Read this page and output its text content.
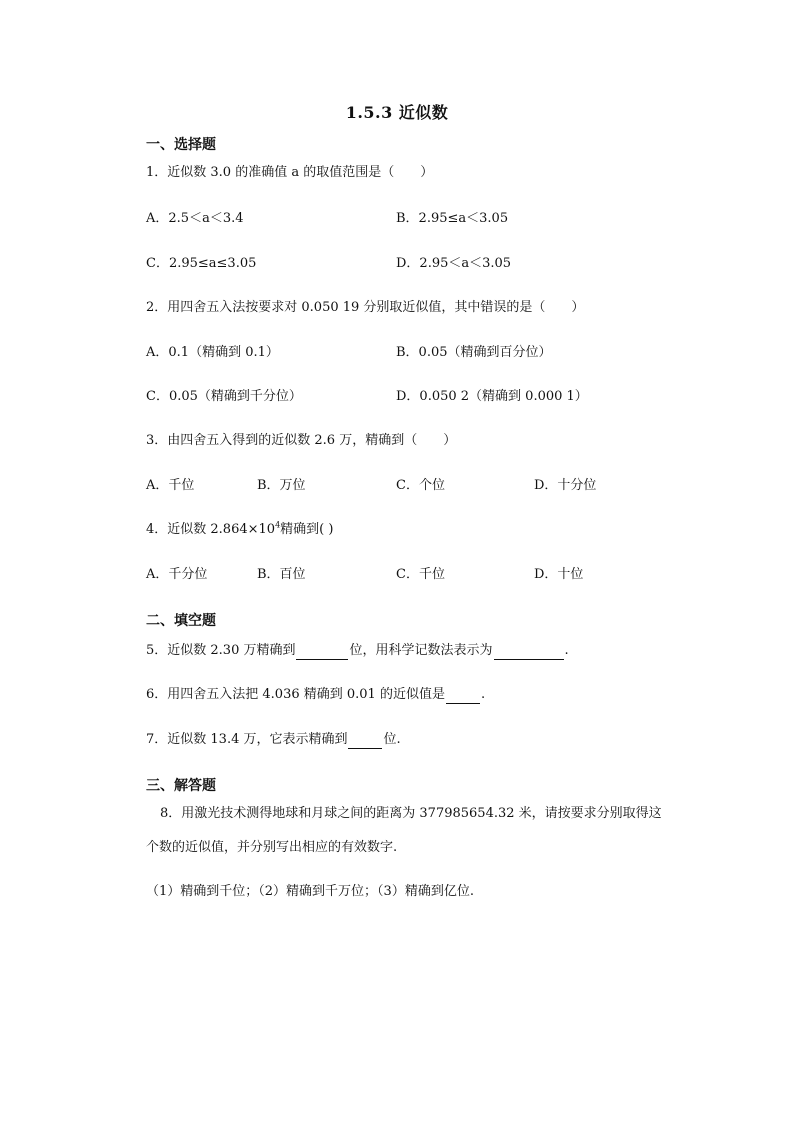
1.5.3 近似数
一、选择题
1．近似数 3.0 的准确值 a 的取值范围是（　　）
A．2.5＜a＜3.4	B．2.95≤a＜3.05
C．2.95≤a≤3.05	D．2.95＜a＜3.05
2．用四舍五入法按要求对 0.050 19 分别取近似值，其中错误的是（　　）
A．0.1（精确到 0.1）	B．0.05（精确到百分位）
C．0.05（精确到千分位）	D．0.050 2（精确到 0.000 1）
3．由四舍五入得到的近似数 2.6 万，精确到（　　）
A．千位	B．万位	C．个位	D．十分位
4．近似数 $2.864\times 10^4$精确到( )
A．千分位	B．百位	C．千位	D．十位
二、填空题
5．近似数 2.30 万精确到	位，用科学记数法表示为	.
6．用四舍五入法把 4.036 精确到 0.01 的近似值是	.
7．近似数 13.4 万，它表示精确到	位.
三、解答题
8．用激光技术测得地球和月球之间的距离为 377985654.32 米，请按要求分别取得这
个数的近似值，并分别写出相应的有效数字.
（1）精确到千位；（2）精确到千万位；（3）精确到亿位.
